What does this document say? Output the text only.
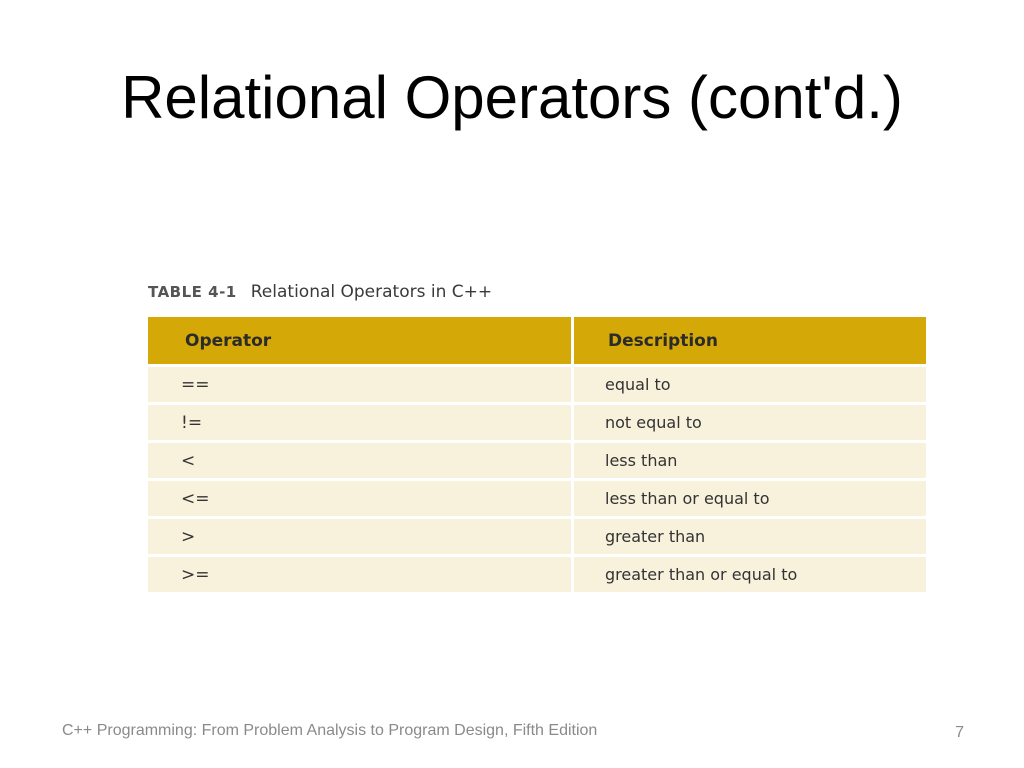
Relational Operators (cont'd.)
TABLE 4-1 Relational Operators in C++
Operator	Description
==	equal to
!=	not equal to
<	less than
<=	less than or equal to
>	greater than
>=	greater than or equal to
C++ Programming: From Problem Analysis to Program Design, Fifth Edition	7
